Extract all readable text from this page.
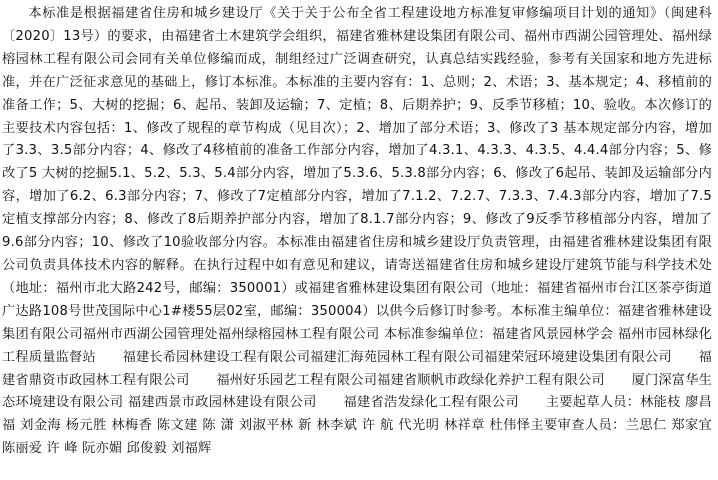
本标准是根据福建省住房和城乡建设厅《关于关于公布全省工程建设地方标准复审修编项目计划的通知》（闽建科〔2020〕13号）的要求，由福建省土木建筑学会组织，福建省雅林建设集团有限公司、福州市西湖公园管理处、福州绿榕园林工程有限公司会同有关单位修编而成，制组经过广泛调查研究，认真总结实践经验，参考有关国家和地方先进标准，并在广泛征求意见的基础上，修订本标准。本标准的主要内容有：1、总则；2、术语；3、基本规定；4、移植前的准备工作；5、大树的挖掘；6、起吊、装卸及运输；7、定植；8、后期养护；9、反季节移植；10、验收。本次修订的主要技术内容包括：1、修改了规程的章节构成（见目次）；2、增加了部分术语；3、修改了3 基本规定部分内容，增加了3.3、3.5部分内容；4、修改了4移植前的准备工作部分内容，增加了4.3.1、4.3.3、4.3.5、4.4.4部分内容；5、修改了5 大树的挖掘5.1、5.2、5.3、5.4部分内容，增加了5.3.6、5.3.8部分内容；6、修改了6起吊、装卸及运输部分内容，增加了6.2、6.3部分内容；7、修改了7定植部分内容，增加了7.1.2、7.2.7、7.3.3、7.4.3部分内容，增加了7.5定植支撑部分内容；8、修改了8后期养护部分内容，增加了8.1.7部分内容；9、修改了9反季节移植部分内容，增加了9.6部分内容；10、修改了10验收部分内容。本标准由福建省住房和城乡建设厅负责管理，由福建省雅林建设集团有限公司负责具体技术内容的解释。在执行过程中如有意见和建议，请寄送福建省住房和城乡建设厅建筑节能与科学技术处（地址：福州市北大路242号，邮编：350001）或福建省雅林建设集团有限公司（地址：福建省福州市台江区茶亭街道广达路108号世茂国际中心1#楼55层02室，邮编：350004）以供今后修订时参考。本标准主编单位：福建省雅林建设集团有限公司福州市西湖公园管理处福州绿榕园林工程有限公司 本标准参编单位：福建省风景园林学会 福州市园林绿化工程质量监督站　　福建长希园林建设工程有限公司福建汇海苑园林工程有限公司福建荣冠环境建设集团有限公司　　福建省鼎资市政园林工程有限公司　　福州好乐园艺工程有限公司福建省顺帆市政绿化养护工程有限公司　　厦门深富华生态环境建设有限公司 福建西景市政园林建设有限公司　　福建省浩发绿化工程有限公司　　主要起草人员：林能枝 廖昌福 刘金海 杨元胜 林梅香 陈文建 陈 潇 刘淑平林 新 林李斌 许 航 代光明 林祥章 杜伟怿主要审查人员：兰思仁 郑家宜 陈丽爱 许 峰 阮亦媚 邱俊毅 刘福辉
